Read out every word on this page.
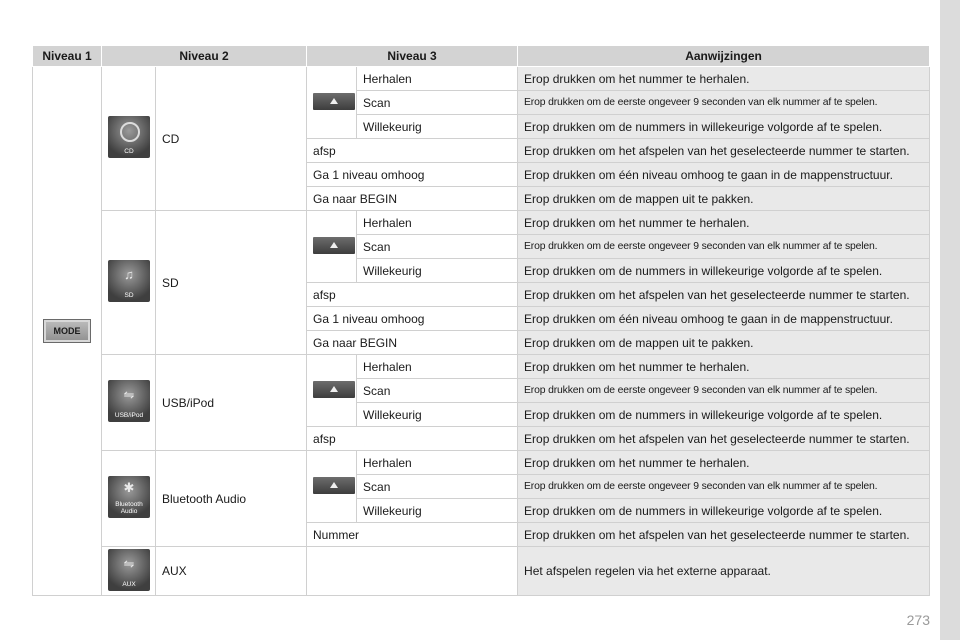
Niveau 1	Niveau 2		Niveau 3		Aanwijzingen
MODE	CD	CD		Herhalen	Erop drukken om het nummer te herhalen.
				Scan	Erop drukken om de eerste ongeveer 9 seconden van elk nummer af te spelen.
				Willekeurig	Erop drukken om de nummers in willekeurige volgorde af te spelen.
			afsp		Erop drukken om het afspelen van het geselecteerde nummer te starten.
			Ga 1 niveau omhoog		Erop drukken om één niveau omhoog te gaan in de mappenstructuur.
			Ga naar BEGIN		Erop drukken om de mappen uit te pakken.

	♫
SD	SD		Herhalen	Erop drukken om het nummer te herhalen.
				Scan	Erop drukken om de eerste ongeveer 9 seconden van elk nummer af te spelen.
				Willekeurig	Erop drukken om de nummers in willekeurige volgorde af te spelen.
			afsp		Erop drukken om het afspelen van het geselecteerde nummer te starten.
			Ga 1 niveau omhoog		Erop drukken om één niveau omhoog te gaan in de mappenstructuur.
			Ga naar BEGIN		Erop drukken om de mappen uit te pakken.

	⇋
USB/iPod	USB/iPod		Herhalen	Erop drukken om het nummer te herhalen.
				Scan	Erop drukken om de eerste ongeveer 9 seconden van elk nummer af te spelen.
				Willekeurig	Erop drukken om de nummers in willekeurige volgorde af te spelen.
			afsp		Erop drukken om het afspelen van het geselecteerde nummer te starten.

	✱
Bluetooth
Audio	Bluetooth Audio		Herhalen	Erop drukken om het nummer te herhalen.
				Scan	Erop drukken om de eerste ongeveer 9 seconden van elk nummer af te spelen.
				Willekeurig	Erop drukken om de nummers in willekeurige volgorde af te spelen.
			Nummer		Erop drukken om het afspelen van het geselecteerde nummer te starten.

	⇋
AUX	AUX			Het afspelen regelen via het externe apparaat.
273
